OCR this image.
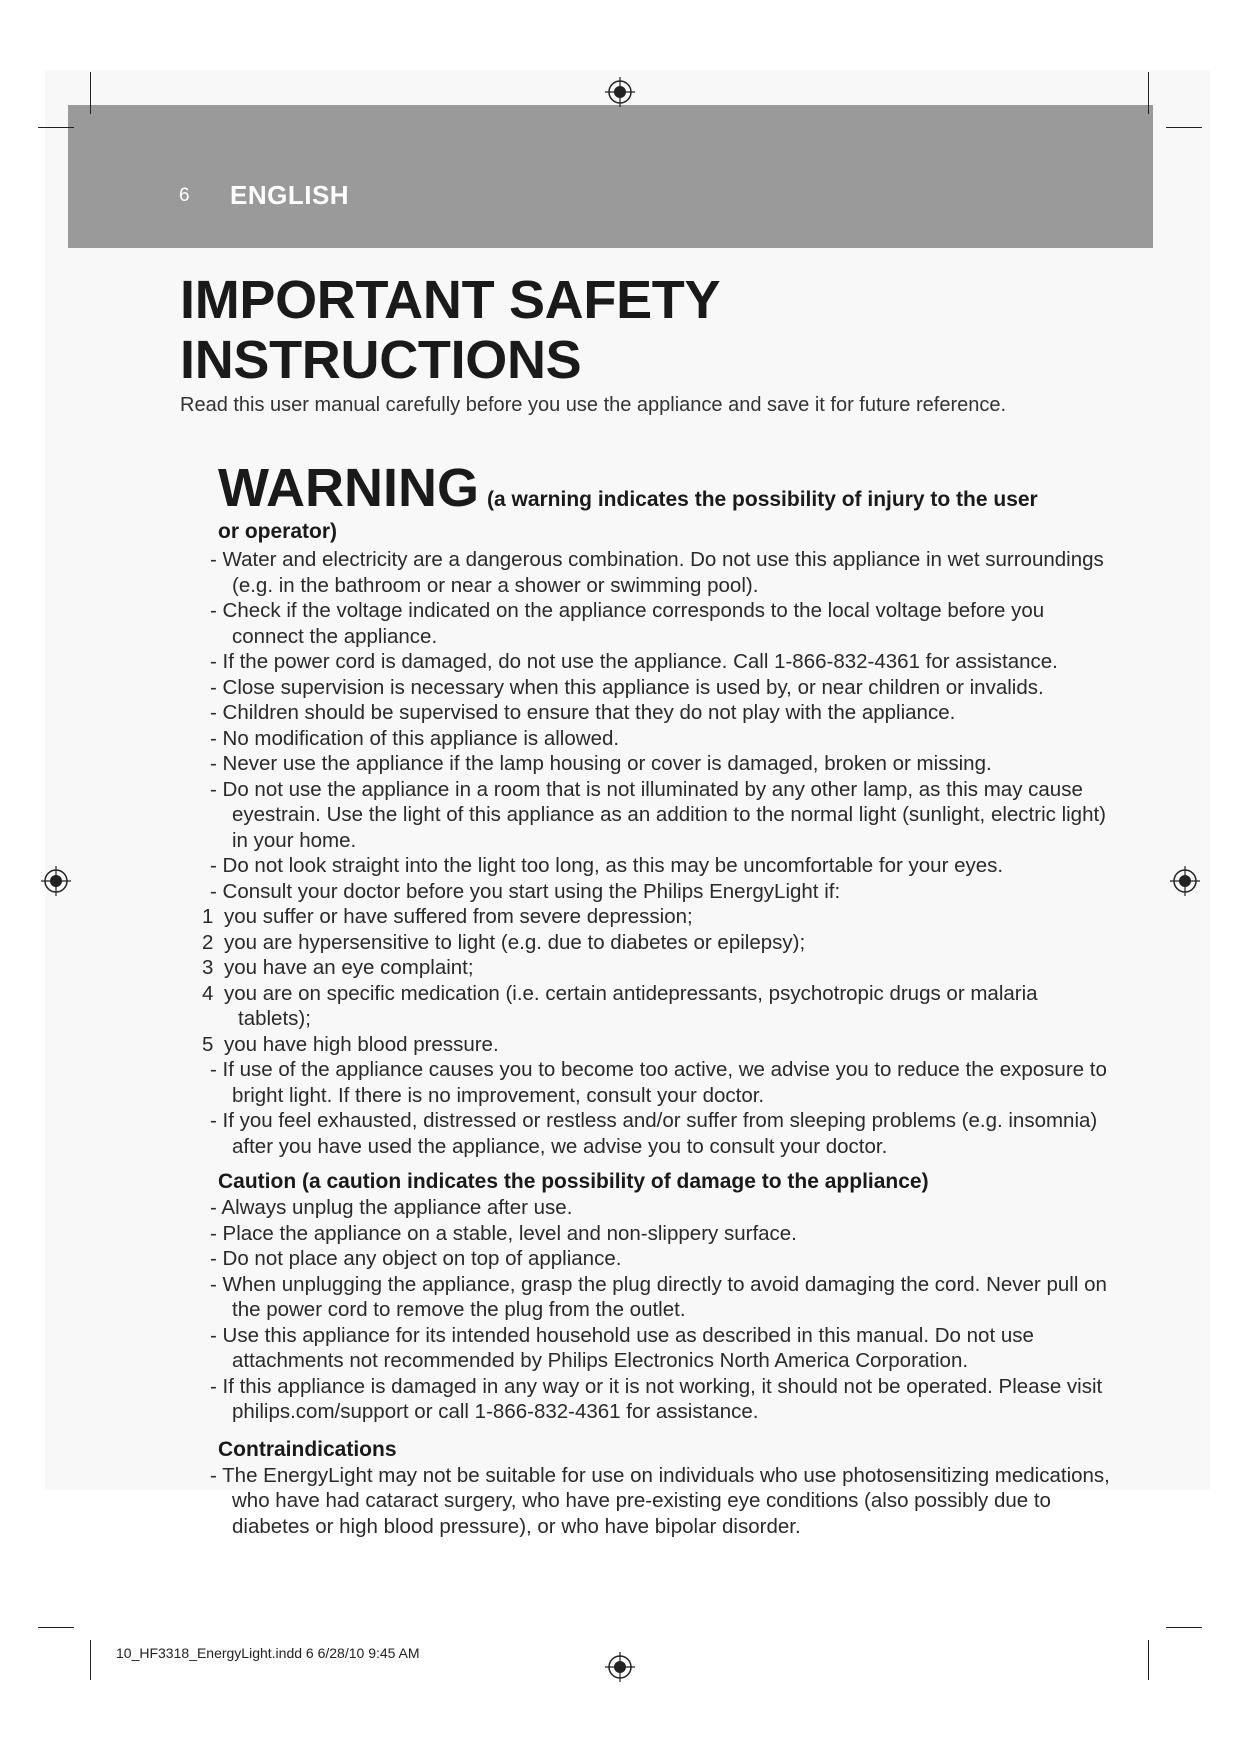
6 ENGLISH
IMPORTANT SAFETY INSTRUCTIONS

Read this user manual carefully before you use the appliance and save it for future reference.

WARNING (a warning indicates the possibility of injury to the user
or operator)
- Water and electricity are a dangerous combination. Do not use this appliance in wet surroundings (e.g. in the bathroom or near a shower or swimming pool).
- Check if the voltage indicated on the appliance corresponds to the local voltage before you connect the appliance.
- If the power cord is damaged, do not use the appliance. Call 1-866-832-4361 for assistance.
- Close supervision is necessary when this appliance is used by, or near children or invalids.
- Children should be supervised to ensure that they do not play with the appliance.
- No modification of this appliance is allowed.
- Never use the appliance if the lamp housing or cover is damaged, broken or missing.
- Do not use the appliance in a room that is not illuminated by any other lamp, as this may cause eyestrain. Use the light of this appliance as an addition to the normal light (sunlight, electric light) in your home.
- Do not look straight into the light too long, as this may be uncomfortable for your eyes.
- Consult your doctor before you start using the Philips EnergyLight if:
1 you suffer or have suffered from severe depression;
2 you are hypersensitive to light (e.g. due to diabetes or epilepsy);
3 you have an eye complaint;
4 you are on specific medication (i.e. certain antidepressants, psychotropic drugs or malaria tablets);
5 you have high blood pressure.
- If use of the appliance causes you to become too active, we advise you to reduce the exposure to bright light. If there is no improvement, consult your doctor.
- If you feel exhausted, distressed or restless and/or suffer from sleeping problems (e.g. insomnia) after you have used the appliance, we advise you to consult your doctor.
Caution (a caution indicates the possibility of damage to the appliance)
- Always unplug the appliance after use.
- Place the appliance on a stable, level and non-slippery surface.
- Do not place any object on top of appliance.
- When unplugging the appliance, grasp the plug directly to avoid damaging the cord. Never pull on the power cord to remove the plug from the outlet.
- Use this appliance for its intended household use as described in this manual. Do not use attachments not recommended by Philips Electronics North America Corporation.
- If this appliance is damaged in any way or it is not working, it should not be operated. Please visit philips.com/support or call 1-866-832-4361 for assistance.
Contraindications
- The EnergyLight may not be suitable for use on individuals who use photosensitizing medications, who have had cataract surgery, who have pre-existing eye conditions (also possibly due to diabetes or high blood pressure), or who have bipolar disorder.
10_HF3318_EnergyLight.indd 6 6/28/10 9:45 AM
